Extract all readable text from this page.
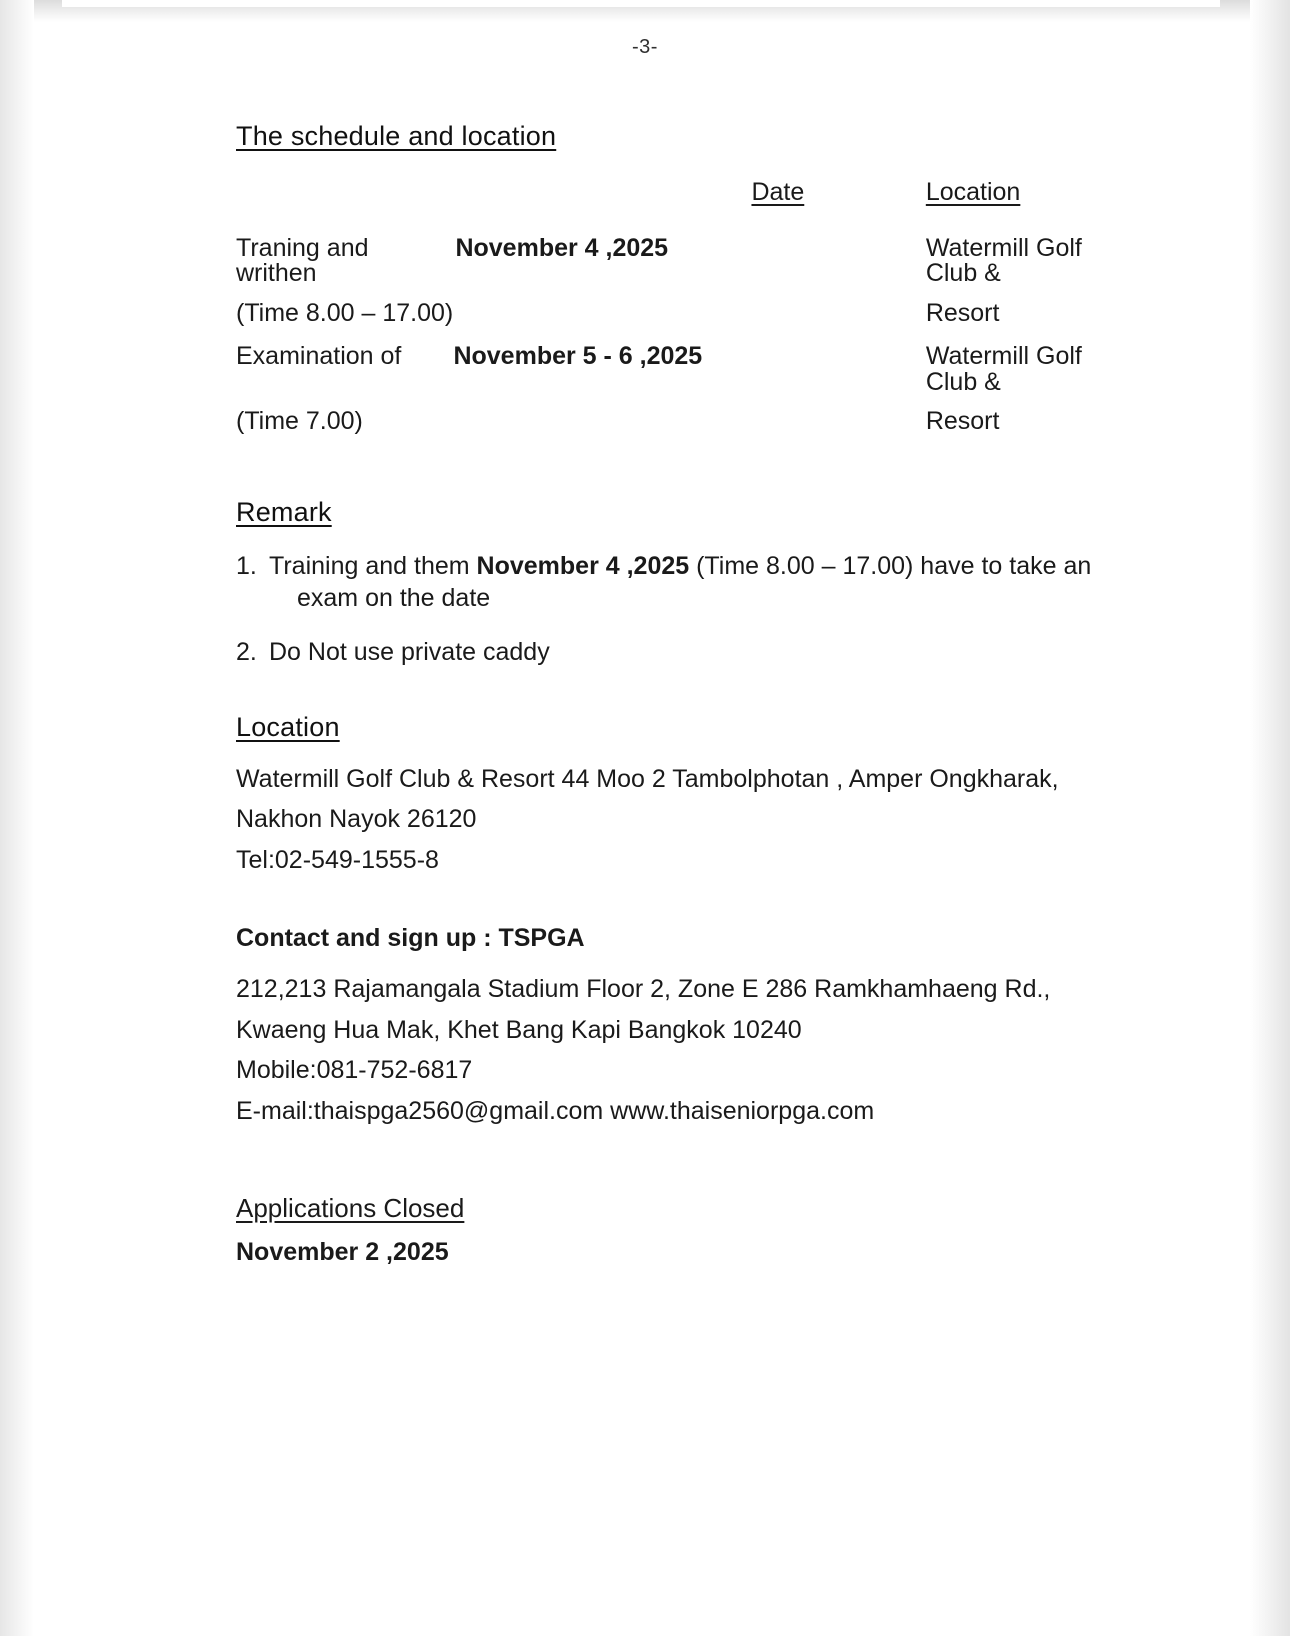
-3-
The schedule and location
	Date	Location
Traning and writhen	November 4 ,2025	Watermill Golf Club &
(Time 8.00 – 17.00)		Resort
Examination of	November 5 - 6 ,2025	Watermill Golf Club &
(Time 7.00)		Resort
Remark
1. Training and them November 4 ,2025 (Time 8.00 – 17.00) have to take an
exam on the date
2. Do Not use private caddy
Location
Watermill Golf Club & Resort 44 Moo 2 Tambolphotan , Amper Ongkharak,
Nakhon Nayok 26120
Tel:02-549-1555-8
Contact and sign up : TSPGA
212,213 Rajamangala Stadium Floor 2, Zone E 286 Ramkhamhaeng Rd.,
Kwaeng Hua Mak, Khet Bang Kapi Bangkok 10240
Mobile:081-752-6817
E-mail:thaispga2560@gmail.com www.thaiseniorpga.com
Applications Closed
November 2 ,2025
